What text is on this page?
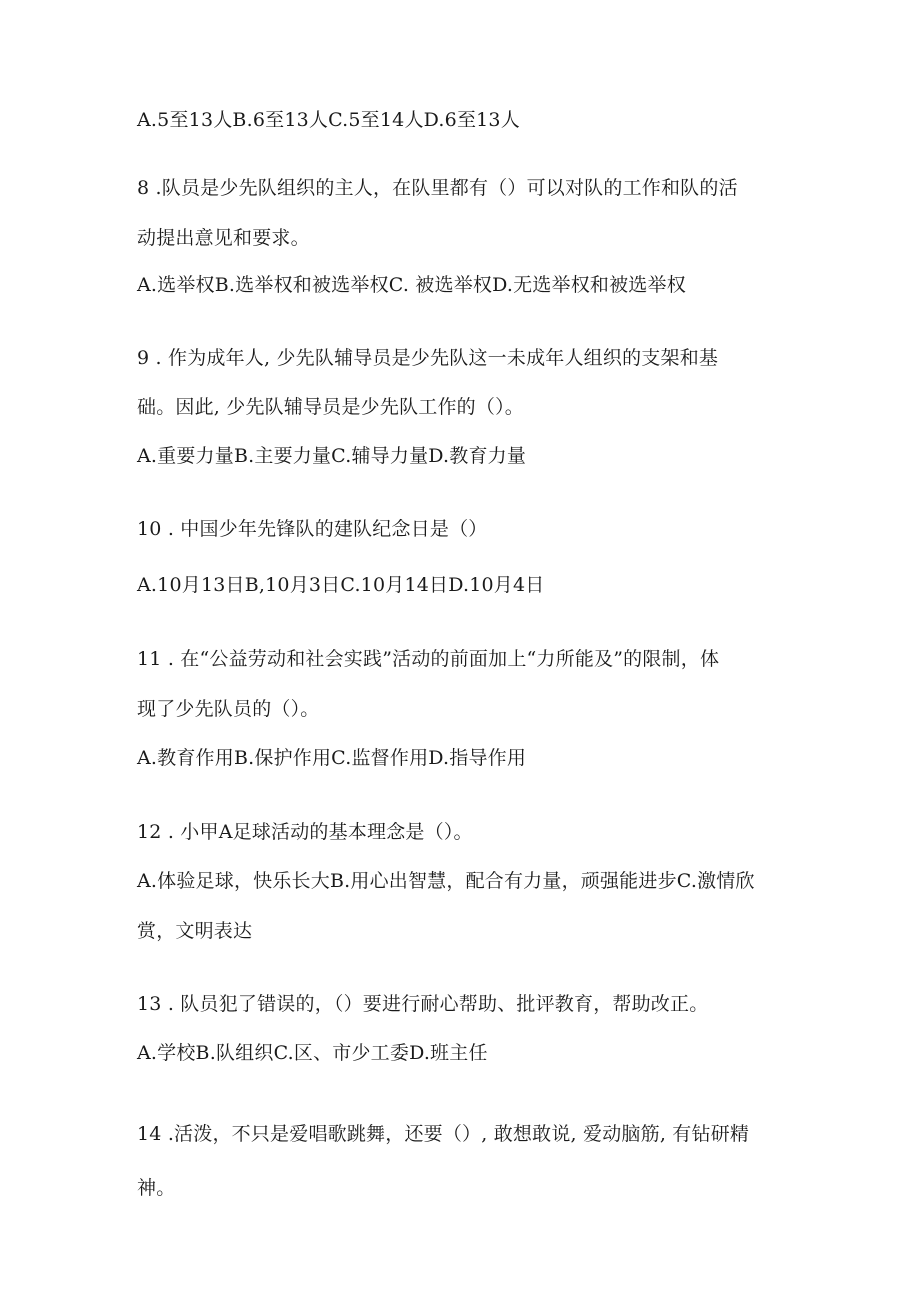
A.5至13人B.6至13人C.5至14人D.6至13人
8 .队员是少先队组织的主人，在队里都有（）可以对队的工作和队的活
动提出意见和要求。
A.选举权B.选举权和被选举权C. 被选举权D.无选举权和被选举权
9 . 作为成年人, 少先队辅导员是少先队这一未成年人组织的支架和基
础。因此, 少先队辅导员是少先队工作的（）。
A.重要力量B.主要力量C.辅导力量D.教育力量
10 . 中国少年先锋队的建队纪念日是（）
A.10月13日B,10月3日C.10月14日D.10月4日
11 . 在“公益劳动和社会实践”活动的前面加上“力所能及”的限制，体
现了少先队员的（）。
A.教育作用B.保护作用C.监督作用D.指导作用
12 . 小甲A足球活动的基本理念是（）。
A.体验足球，快乐长大B.用心出智慧，配合有力量，顽强能进步C.激情欣
赏，文明表达
13 . 队员犯了错误的，（）要进行耐心帮助、批评教育，帮助改正。
A.学校B.队组织C.区、市少工委D.班主任
14 .活泼，不只是爱唱歌跳舞，还要（）, 敢想敢说, 爱动脑筋, 有钻研精
神。
